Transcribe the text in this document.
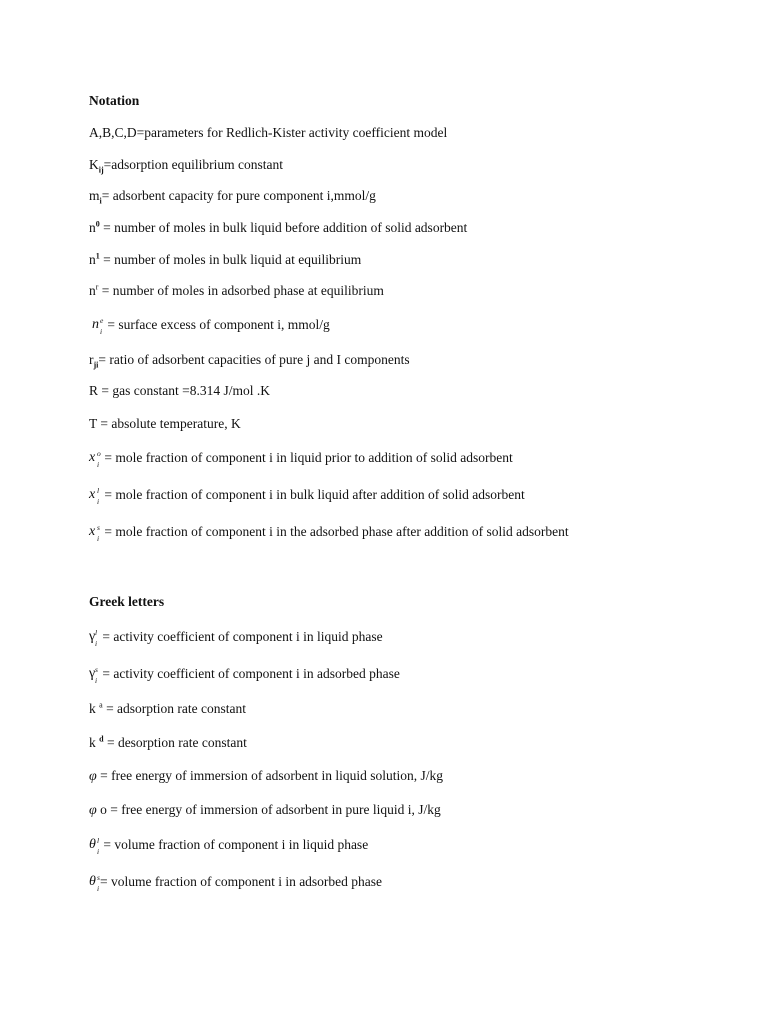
Notation
A,B,C,D=parameters for Redlich-Kister activity coefficient model
$K_{ij}=adsorption$ equilibrium constant
$m_i=$ adsorbent capacity for pure component i,mmol/g
$n^0$ = number of moles in bulk liquid before addition of solid adsorbent
$n^1$ = number of moles in bulk liquid at equilibrium
$n^r$ = number of moles in adsorbed phase at equilibrium
n e
i = surface excess of component i, mmol/g
$r_{ji}=$ ratio of adsorbent capacities of pure j and I components
R = gas constant =8.314 J/mol .K
T = absolute temperature, K
x o
i = mole fraction of component i in liquid prior to addition of solid adsorbent
x l
i = mole fraction of component i in bulk liquid after addition of solid adsorbent
x s
i = mole fraction of component i in the adsorbed phase after addition of solid adsorbent
Greek letters
γ l
i = activity coefficient of component i in liquid phase
γ s
i = activity coefficient of component i in adsorbed phase
k $^a$ = adsorption rate constant
k $^d$ = desorption rate constant
φ = free energy of immersion of adsorbent in liquid solution, J/kg
φ o = free energy of immersion of adsorbent in pure liquid i, J/kg
θ l
i = volume fraction of component i in liquid phase
θ s
i = volume fraction of component i in adsorbed phase
